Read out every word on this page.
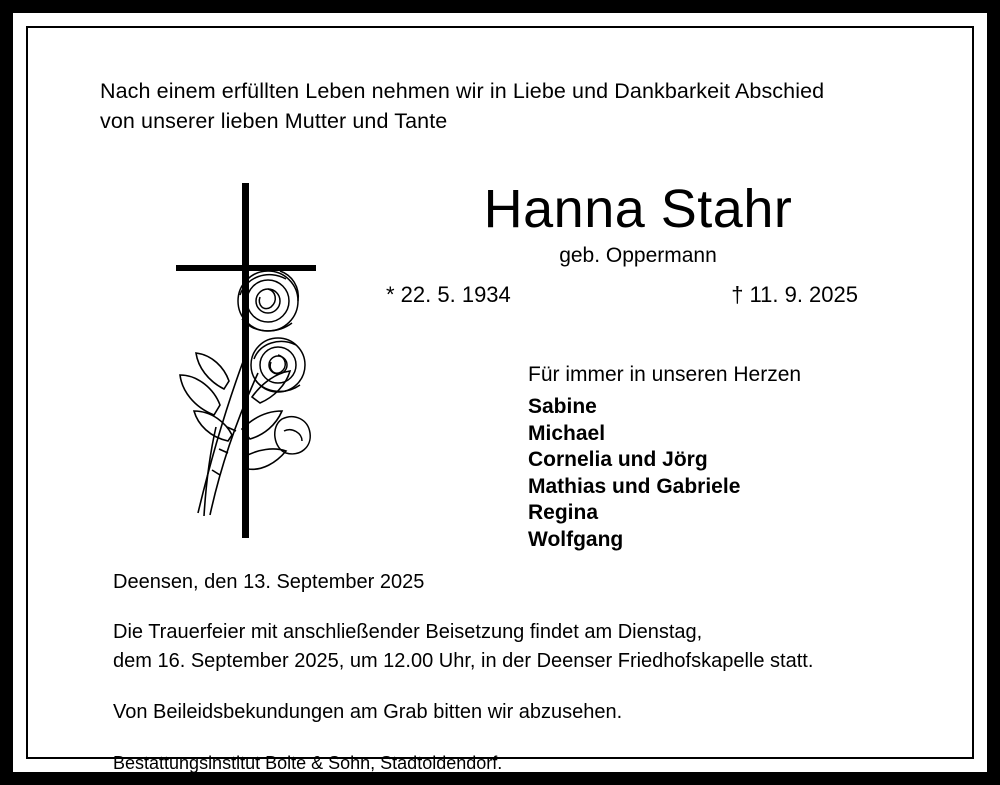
Nach einem erfüllten Leben nehmen wir in Liebe und Dankbarkeit Abschied
von unserer lieben Mutter und Tante
Hanna Stahr
geb. Oppermann
* 22. 5. 1934	† 11. 9. 2025
Für immer in unseren Herzen
Sabine
Michael
Cornelia und Jörg
Mathias und Gabriele
Regina
Wolfgang
Deensen, den 13. September 2025
Die Trauerfeier mit anschließender Beisetzung findet am Dienstag,
dem 16. September 2025, um 12.00 Uhr, in der Deenser Friedhofskapelle statt.
Von Beileidsbekundungen am Grab bitten wir abzusehen.
Bestattungsinstitut Bolte & Sohn, Stadtoldendorf.
